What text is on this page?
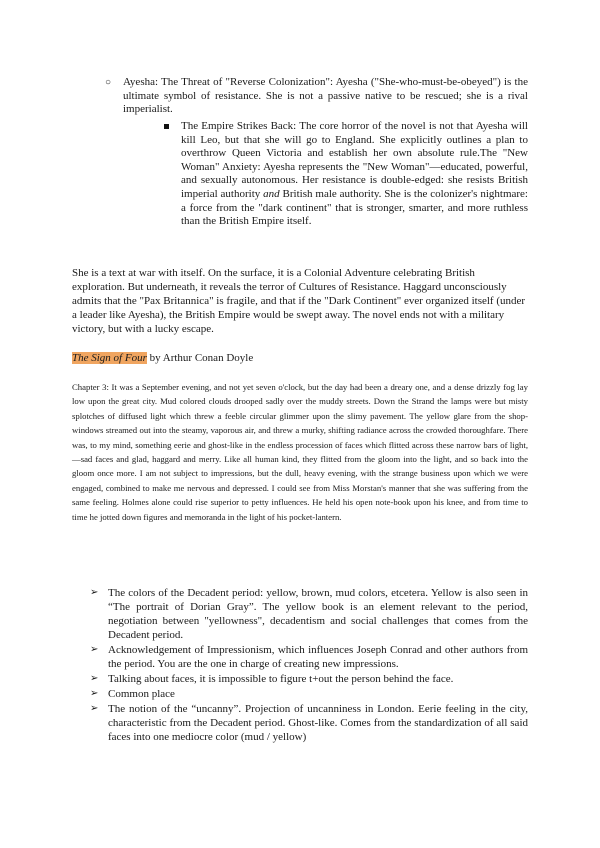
○ Ayesha: The Threat of "Reverse Colonization": Ayesha ("She-who-must-be-obeyed") is the ultimate symbol of resistance. She is not a passive native to be rescued; she is a rival imperialist.

The Empire Strikes Back: The core horror of the novel is not that Ayesha will kill Leo, but that she will go to England. She explicitly outlines a plan to overthrow Queen Victoria and establish her own absolute rule.The "New Woman" Anxiety: Ayesha represents the "New Woman"—educated, powerful, and sexually autonomous. Her resistance is double-edged: she resists British imperial authority and British male authority. She is the colonizer's nightmare: a force from the "dark continent" that is stronger, smarter, and more ruthless than the British Empire itself.

She is a text at war with itself. On the surface, it is a Colonial Adventure celebrating British exploration. But underneath, it reveals the terror of Cultures of Resistance. Haggard unconsciously admits that the "Pax Britannica" is fragile, and that if the "Dark Continent" ever organized itself (under a leader like Ayesha), the British Empire would be swept away. The novel ends not with a military victory, but with a lucky escape.

The Sign of Four by Arthur Conan Doyle

Chapter 3: It was a September evening, and not yet seven o'clock, but the day had been a dreary one, and a dense drizzly fog lay low upon the great city. Mud colored clouds drooped sadly over the muddy streets. Down the Strand the lamps were but misty splotches of diffused light which threw a feeble circular glimmer upon the slimy pavement. The yellow glare from the shop-windows streamed out into the steamy, vaporous air, and threw a murky, shifting radiance across the crowded thoroughfare. There was, to my mind, something eerie and ghost-like in the endless procession of faces which flitted across these narrow bars of light,—sad faces and glad, haggard and merry. Like all human kind, they flitted from the gloom into the light, and so back into the gloom once more. I am not subject to impressions, but the dull, heavy evening, with the strange business upon which we were engaged, combined to make me nervous and depressed. I could see from Miss Morstan's manner that she was suffering from the same feeling. Holmes alone could rise superior to petty influences. He held his open note-book upon his knee, and from time to time he jotted down figures and memoranda in the light of his pocket-lantern.

➢ The colors of the Decadent period: yellow, brown, mud colors, etcetera. Yellow is also seen in “The portrait of Dorian Gray”. The yellow book is an element relevant to the period, negotiation between "yellowness", decadentism and social challenges that comes from the Decadent period.
➢ Acknowledgement of Impressionism, which influences Joseph Conrad and other authors from the period. You are the one in charge of creating new impressions.
➢ Talking about faces, it is impossible to figure t+out the person behind the face.
➢ Common place
➢ The notion of the “uncanny”. Projection of uncanniness in London. Eerie feeling in the city, characteristic from the Decadent period. Ghost-like. Comes from the standardization of all said faces into one mediocre color (mud / yellow)
